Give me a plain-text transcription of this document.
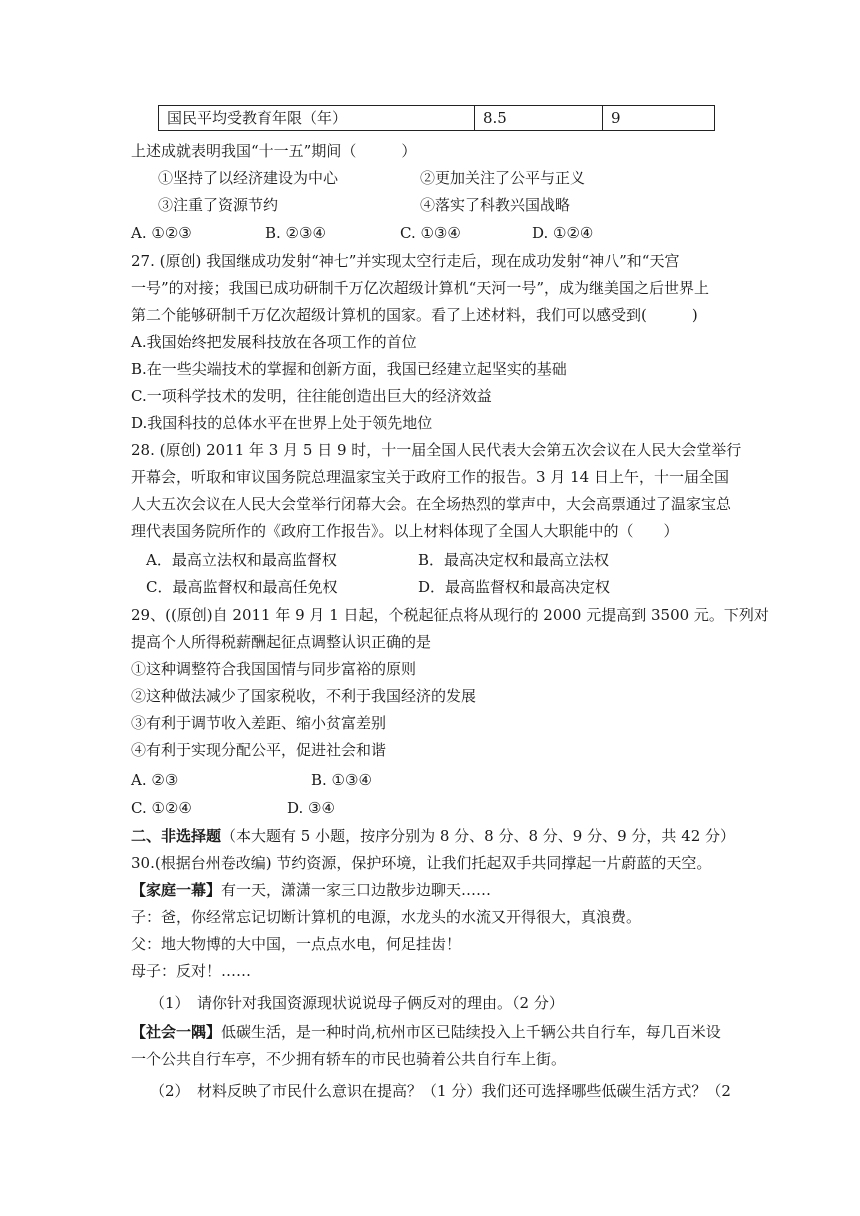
国民平均受教育年限（年）	8.5	9
上述成就表明我国“十一五”期间（　　　）
①坚持了以经济建设为中心	②更加关注了公平与正义
③注重了资源节约	④落实了科教兴国战略
A. ①②③	B. ②③④	C. ①③④	D. ①②④
27. (原创) 我国继成功发射“神七”并实现太空行走后，现在成功发射“神八”和“天宫
一号”的对接；我国已成功研制千万亿次超级计算机“天河一号”，成为继美国之后世界上
第二个能够研制千万亿次超级计算机的国家。看了上述材料，我们可以感受到(　　　)
A.我国始终把发展科技放在各项工作的首位
B.在一些尖端技术的掌握和创新方面，我国已经建立起坚实的基础
C.一项科学技术的发明，往往能创造出巨大的经济效益
D.我国科技的总体水平在世界上处于领先地位
28. (原创) 2011 年 3 月 5 日 9 时，十一届全国人民代表大会第五次会议在人民大会堂举行
开幕会，听取和审议国务院总理温家宝关于政府工作的报告。3 月 14 日上午，十一届全国
人大五次会议在人民大会堂举行闭幕大会。在全场热烈的掌声中，大会高票通过了温家宝总
理代表国务院所作的《政府工作报告》。以上材料体现了全国人大职能中的（　　）
A．最高立法权和最高监督权	B．最高决定权和最高立法权
C．最高监督权和最高任免权	D．最高监督权和最高决定权
29、((原创)自 2011 年 9 月 1 日起，个税起征点将从现行的 2000 元提高到 3500 元。下列对
提高个人所得税薪酬起征点调整认识正确的是
①这种调整符合我国国情与同步富裕的原则
②这种做法减少了国家税收，不利于我国经济的发展
③有利于调节收入差距、缩小贫富差别
④有利于实现分配公平，促进社会和谐
A. ②③	B. ①③④
C. ①②④	D. ③④
二、非选择题（本大题有 5 小题，按序分别为 8 分、8 分、8 分、9 分、9 分，共 42 分）
30.(根据台州卷改编) 节约资源，保护环境，让我们托起双手共同撑起一片蔚蓝的天空。
【家庭一幕】有一天，潇潇一家三口边散步边聊天……
子：爸，你经常忘记切断计算机的电源，水龙头的水流又开得很大，真浪费。
父：地大物博的大中国，一点点水电，何足挂齿！
母子：反对！……
（1）　请你针对我国资源现状说说母子俩反对的理由。（2 分）
【社会一隅】低碳生活，是一种时尚,杭州市区已陆续投入上千辆公共自行车，每几百米设
一个公共自行车亭，不少拥有轿车的市民也骑着公共自行车上街。
（2）　材料反映了市民什么意识在提高？（1 分）我们还可选择哪些低碳生活方式？（2
